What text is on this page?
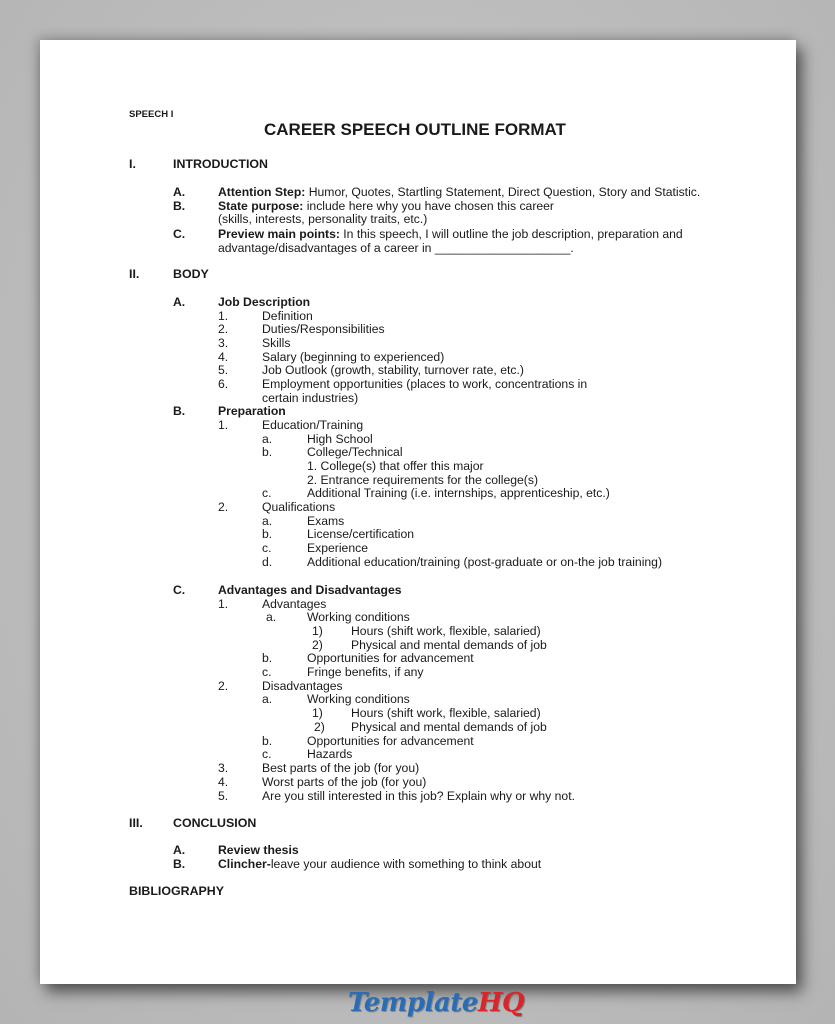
SPEECH I
CAREER SPEECH OUTLINE FORMAT
I.	INTRODUCTION
A.	Attention Step: Humor, Quotes, Startling Statement, Direct Question, Story and Statistic.
B.	State purpose: include here why you have chosen this career
(skills, interests, personality traits, etc.)
C.	Preview main points: In this speech, I will outline the job description, preparation and
advantage/disadvantages of a career in ____________________.
II.	BODY
A.	Job Description
1.	Definition
2.	Duties/Responsibilities
3.	Skills
4.	Salary (beginning to experienced)
5.	Job Outlook (growth, stability, turnover rate, etc.)
6.	Employment opportunities (places to work, concentrations in
certain industries)
B.	Preparation
1.	Education/Training
a.	High School
b.	College/Technical
1. College(s) that offer this major
2. Entrance requirements for the college(s)
c.	Additional Training (i.e. internships, apprenticeship, etc.)
2.	Qualifications
a.	Exams
b.	License/certification
c.	Experience
d.	Additional education/training (post-graduate or on-the job training)
C.	Advantages and Disadvantages
1.	Advantages
a.	Working conditions
1) Hours (shift work, flexible, salaried)
2) Physical and mental demands of job
b.	Opportunities for advancement
c.	Fringe benefits, if any
2.	Disadvantages
a.	Working conditions
1) Hours (shift work, flexible, salaried)
2) Physical and mental demands of job
b.	Opportunities for advancement
c.	Hazards
3.	Best parts of the job (for you)
4.	Worst parts of the job (for you)
5.	Are you still interested in this job? Explain why or why not.
III. CONCLUSION
A.	Review thesis
B.	Clincher-leave your audience with something to think about
BIBLIOGRAPHY
TemplateHQ
